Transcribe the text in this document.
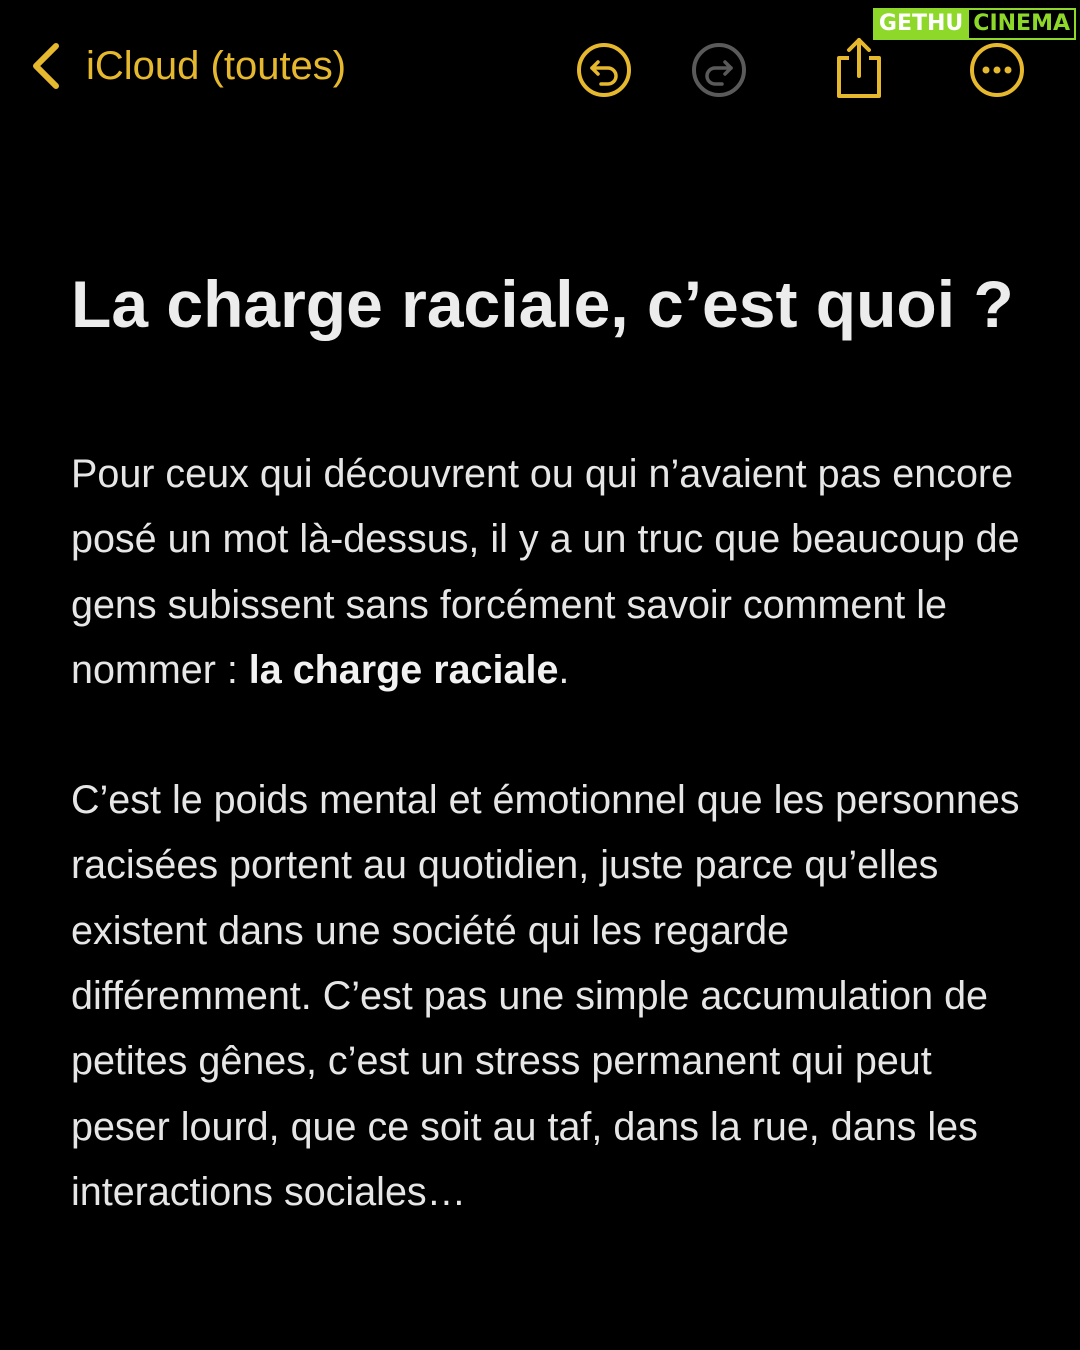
GETHU CINEMA
iCloud (toutes)
La charge raciale, c’est quoi ?

Pour ceux qui découvrent ou qui n’avaient pas encore posé un mot là-dessus, il y a un truc que beaucoup de gens subissent sans forcément savoir comment le nommer : la charge raciale.

C’est le poids mental et émotionnel que les personnes racisées portent au quotidien, juste parce qu’elles existent dans une société qui les regarde différemment. C’est pas une simple accumulation de petites gênes, c’est un stress permanent qui peut peser lourd, que ce soit au taf, dans la rue, dans les interactions sociales…
